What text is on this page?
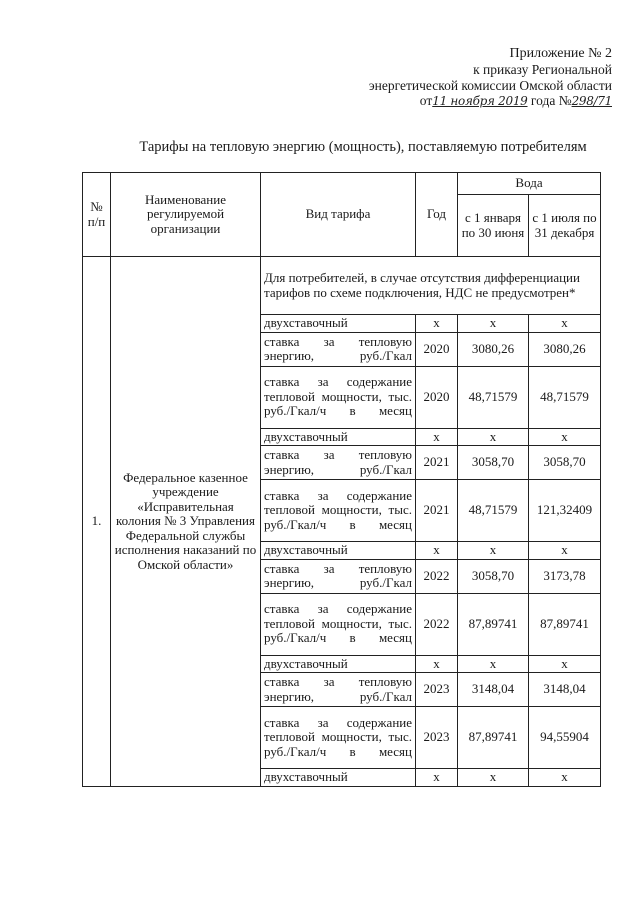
Приложение № 2
к приказу Региональной
энергетической комиссии Омской области
от11 ноября 2019 года №298/71
Тарифы на тепловую энергию (мощность), поставляемую потребителям
№ п/п	Наименование регулируемой организации	Вид тарифа	Год	Вода	
				с 1 января по 30 июня	с 1 июля по 31 декабря
1.	Федеральное казенное учреждение «Исправительная колония № 3 Управления Федеральной службы исполнения наказаний по Омской области»	Для потребителей, в случае отсутствия дифференциации тарифов по схеме подключения, НДС не предусмотрен*			
		двухставочный	х	х	х
		ставка за тепловую энергию, руб./Гкал	2020	3080,26	3080,26
		ставка за содержание тепловой мощности, тыс. руб./Гкал/ч в месяц	2020	48,71579	48,71579
		двухставочный	х	х	х
		ставка за тепловую энергию, руб./Гкал	2021	3058,70	3058,70
		ставка за содержание тепловой мощности, тыс. руб./Гкал/ч в месяц	2021	48,71579	121,32409
		двухставочный	х	х	х
		ставка за тепловую энергию, руб./Гкал	2022	3058,70	3173,78
		ставка за содержание тепловой мощности, тыс. руб./Гкал/ч в месяц	2022	87,89741	87,89741
		двухставочный	х	х	х
		ставка за тепловую энергию, руб./Гкал	2023	3148,04	3148,04
		ставка за содержание тепловой мощности, тыс. руб./Гкал/ч в месяц	2023	87,89741	94,55904
		двухставочный	х	х	х
